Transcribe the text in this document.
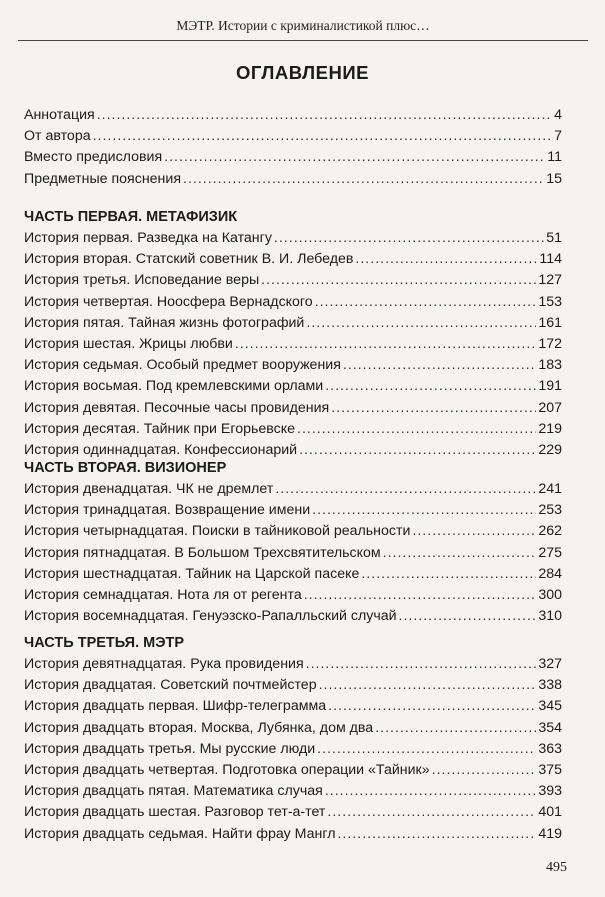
МЭТР. Истории с криминалистикой плюс…
ОГЛАВЛЕНИЕ
Аннотация .....	4
От автора .....	7
Вместо предисловия .....	11
Предметные пояснения .....	15
ЧАСТЬ ПЕРВАЯ. МЕТАФИЗИК
История первая. Разведка на Катангу .....	51
История вторая. Статский советник В. И. Лебедев .....	114
История третья. Исповедание веры .....	127
История четвертая. Ноосфера Вернадского .....	153
История пятая. Тайная жизнь фотографий .....	161
История шестая. Жрицы любви .....	172
История седьмая. Особый предмет вооружения .....	183
История восьмая. Под кремлевскими орлами .....	191
История девятая. Песочные часы провидения .....	207
История десятая. Тайник при Егорьевске .....	219
История одиннадцатая. Конфессионарий .....	229
ЧАСТЬ ВТОРАЯ. ВИЗИОНЕР
История двенадцатая. ЧК не дремлет .....	241
История тринадцатая. Возвращение имени .....	253
История четырнадцатая. Поиски в тайниковой реальности .....	262
История пятнадцатая. В Большом Трехсвятительском .....	275
История шестнадцатая. Тайник на Царской пасеке .....	284
История семнадцатая. Нота ля от регента .....	300
История восемнадцатая. Генуэзско-Рапалльский случай .....	310
ЧАСТЬ ТРЕТЬЯ. МЭТР
История девятнадцатая. Рука провидения .....	327
История двадцатая. Советский почтмейстер .....	338
История двадцать первая. Шифр-телеграмма .....	345
История двадцать вторая. Москва, Лубянка, дом два .....	354
История двадцать третья. Мы русские люди .....	363
История двадцать четвертая. Подготовка операции «Тайник» .....	375
История двадцать пятая. Математика случая .....	393
История двадцать шестая. Разговор тет-а-тет .....	401
История двадцать седьмая. Найти фрау Мангл .....	419
495
